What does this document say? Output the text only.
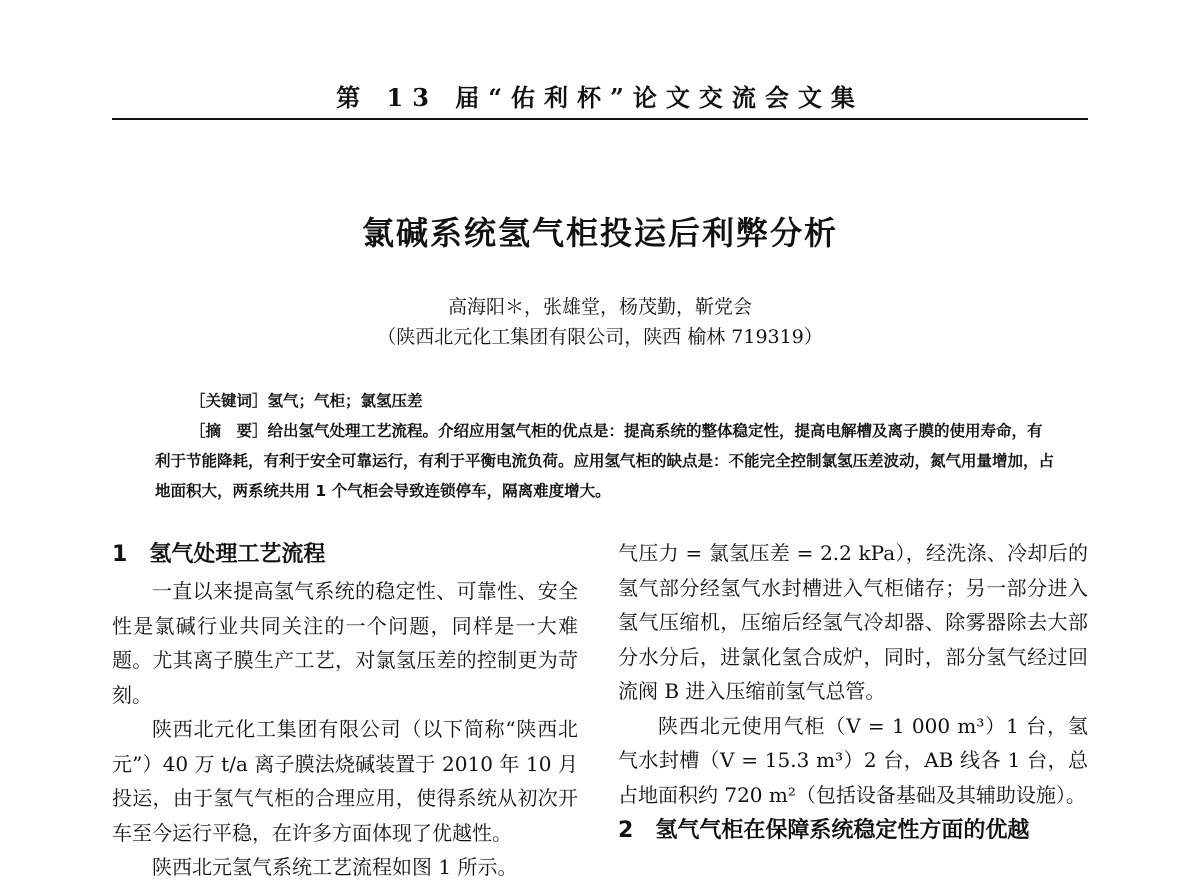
第 13 届“佑利杯”论文交流会文集
氯碱系统氢气柜投运后利弊分析
高海阳＊，张雄堂，杨茂勤，靳党会
（陕西北元化工集团有限公司，陕西 榆林 719319）
［关键词］氢气；气柜；氯氢压差
［摘　要］给出氢气处理工艺流程。介绍应用氢气柜的优点是：提高系统的整体稳定性，提高电解槽及离子膜的使用寿命，有利于节能降耗，有利于安全可靠运行，有利于平衡电流负荷。应用氢气柜的缺点是：不能完全控制氯氢压差波动，氮气用量增加，占地面积大，两系统共用 1 个气柜会导致连锁停车，隔离难度增大。
1 氢气处理工艺流程

一直以来提高氢气系统的稳定性、可靠性、安全性是氯碱行业共同关注的一个问题，同样是一大难题。尤其离子膜生产工艺，对氯氢压差的控制更为苛刻。

陕西北元化工集团有限公司（以下简称“陕西北元”）40 万 t/a 离子膜法烧碱装置于 2010 年 10 月投运，由于氢气气柜的合理应用，使得系统从初次开车至今运行平稳，在许多方面体现了优越性。

陕西北元氢气系统工艺流程如图 1 所示。

气压力 = 氯氢压差 = 2.2 kPa），经洗涤、冷却后的氢气部分经氢气水封槽进入气柜储存；另一部分进入氢气压缩机，压缩后经氢气冷却器、除雾器除去大部分水分后，进氯化氢合成炉，同时，部分氢气经过回流阀 B 进入压缩前氢气总管。

陕西北元使用气柜（V = 1 000 m³）1 台，氢气水封槽（V = 15.3 m³）2 台，AB 线各 1 台，总占地面积约 720 m²（包括设备基础及其辅助设施）。

2 氢气气柜在保障系统稳定性方面的优越
